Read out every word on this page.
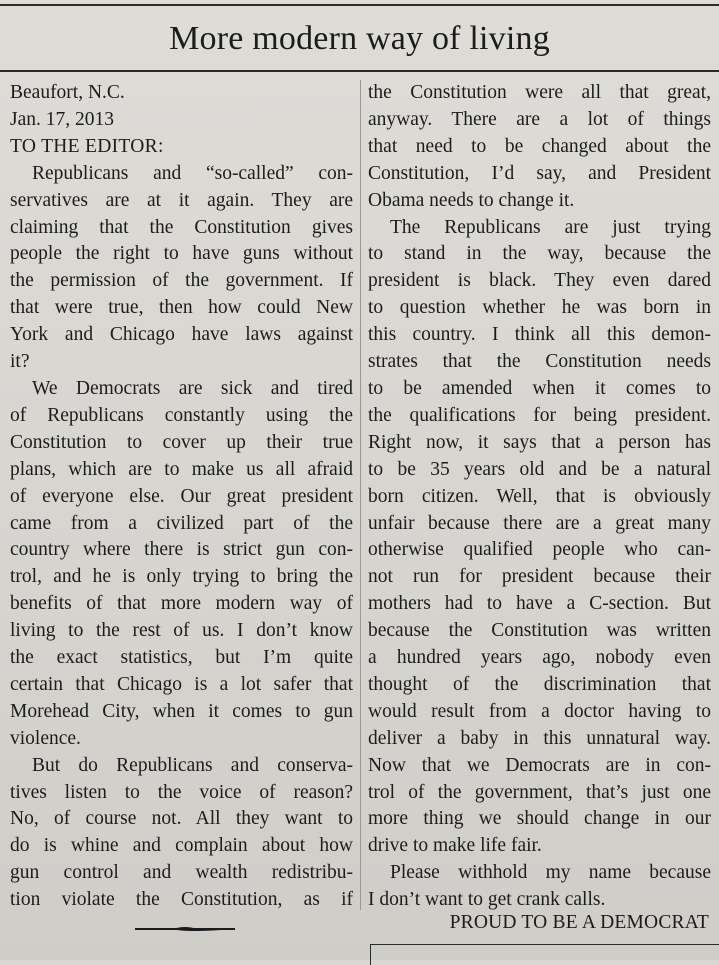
More modern way of living
Beaufort, N.C.
Jan. 17, 2013
TO THE EDITOR:
Republicans and “so-called” con-
servatives are at it again. They are
claiming that the Constitution gives
people the right to have guns without
the permission of the government. If
that were true, then how could New
York and Chicago have laws against
it?
We Democrats are sick and tired
of Republicans constantly using the
Constitution to cover up their true
plans, which are to make us all afraid
of everyone else. Our great president
came from a civilized part of the
country where there is strict gun con-
trol, and he is only trying to bring the
benefits of that more modern way of
living to the rest of us. I don’t know
the exact statistics, but I’m quite
certain that Chicago is a lot safer that
Morehead City, when it comes to gun
violence.
But do Republicans and conserva-
tives listen to the voice of reason?
No, of course not. All they want to
do is whine and complain about how
gun control and wealth redistribu-
tion violate the Constitution, as if
the Constitution were all that great,
anyway. There are a lot of things
that need to be changed about the
Constitution, I’d say, and President
Obama needs to change it.
The Republicans are just trying
to stand in the way, because the
president is black. They even dared
to question whether he was born in
this country. I think all this demon-
strates that the Constitution needs
to be amended when it comes to
the qualifications for being president.
Right now, it says that a person has
to be 35 years old and be a natural
born citizen. Well, that is obviously
unfair because there are a great many
otherwise qualified people who can-
not run for president because their
mothers had to have a C-section. But
because the Constitution was written
a hundred years ago, nobody even
thought of the discrimination that
would result from a doctor having to
deliver a baby in this unnatural way.
Now that we Democrats are in con-
trol of the government, that’s just one
more thing we should change in our
drive to make life fair.
Please withhold my name because
I don’t want to get crank calls.
PROUD TO BE A DEMOCRAT
